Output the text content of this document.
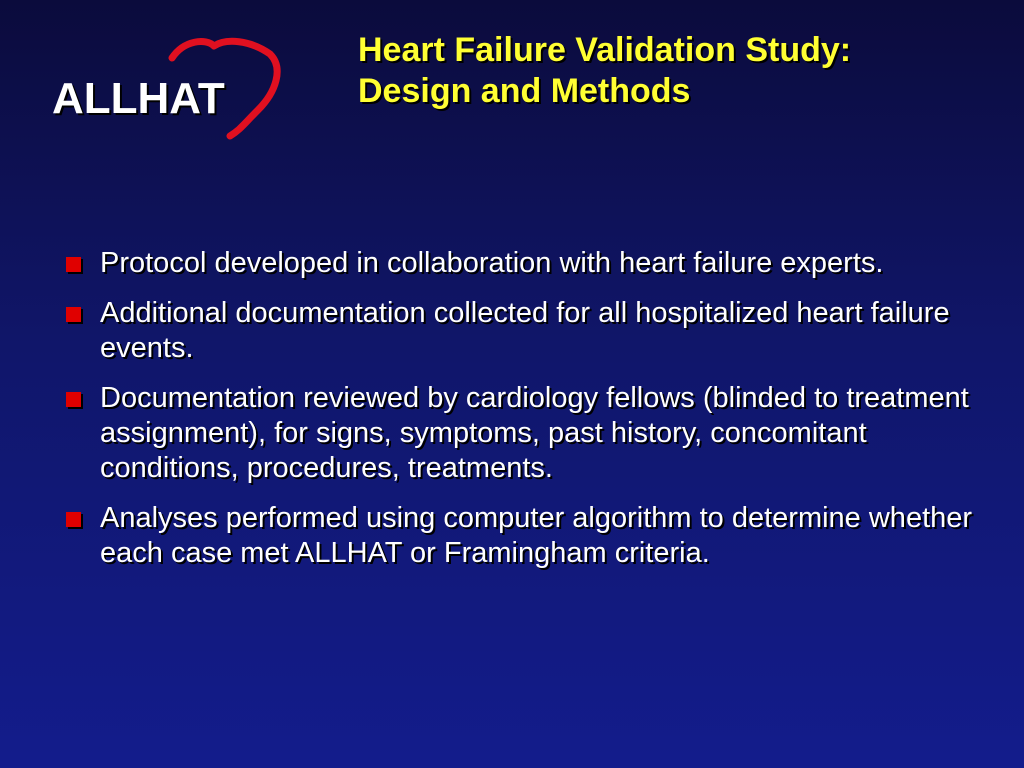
ALLHAT
Heart Failure Validation Study:
Design and Methods
Protocol developed in collaboration with heart failure experts.
Additional documentation collected for all hospitalized heart failure events.
Documentation reviewed by cardiology fellows (blinded to treatment assignment), for signs, symptoms, past history, concomitant conditions, procedures, treatments.
Analyses performed using computer algorithm to determine whether each case met ALLHAT or Framingham criteria.
